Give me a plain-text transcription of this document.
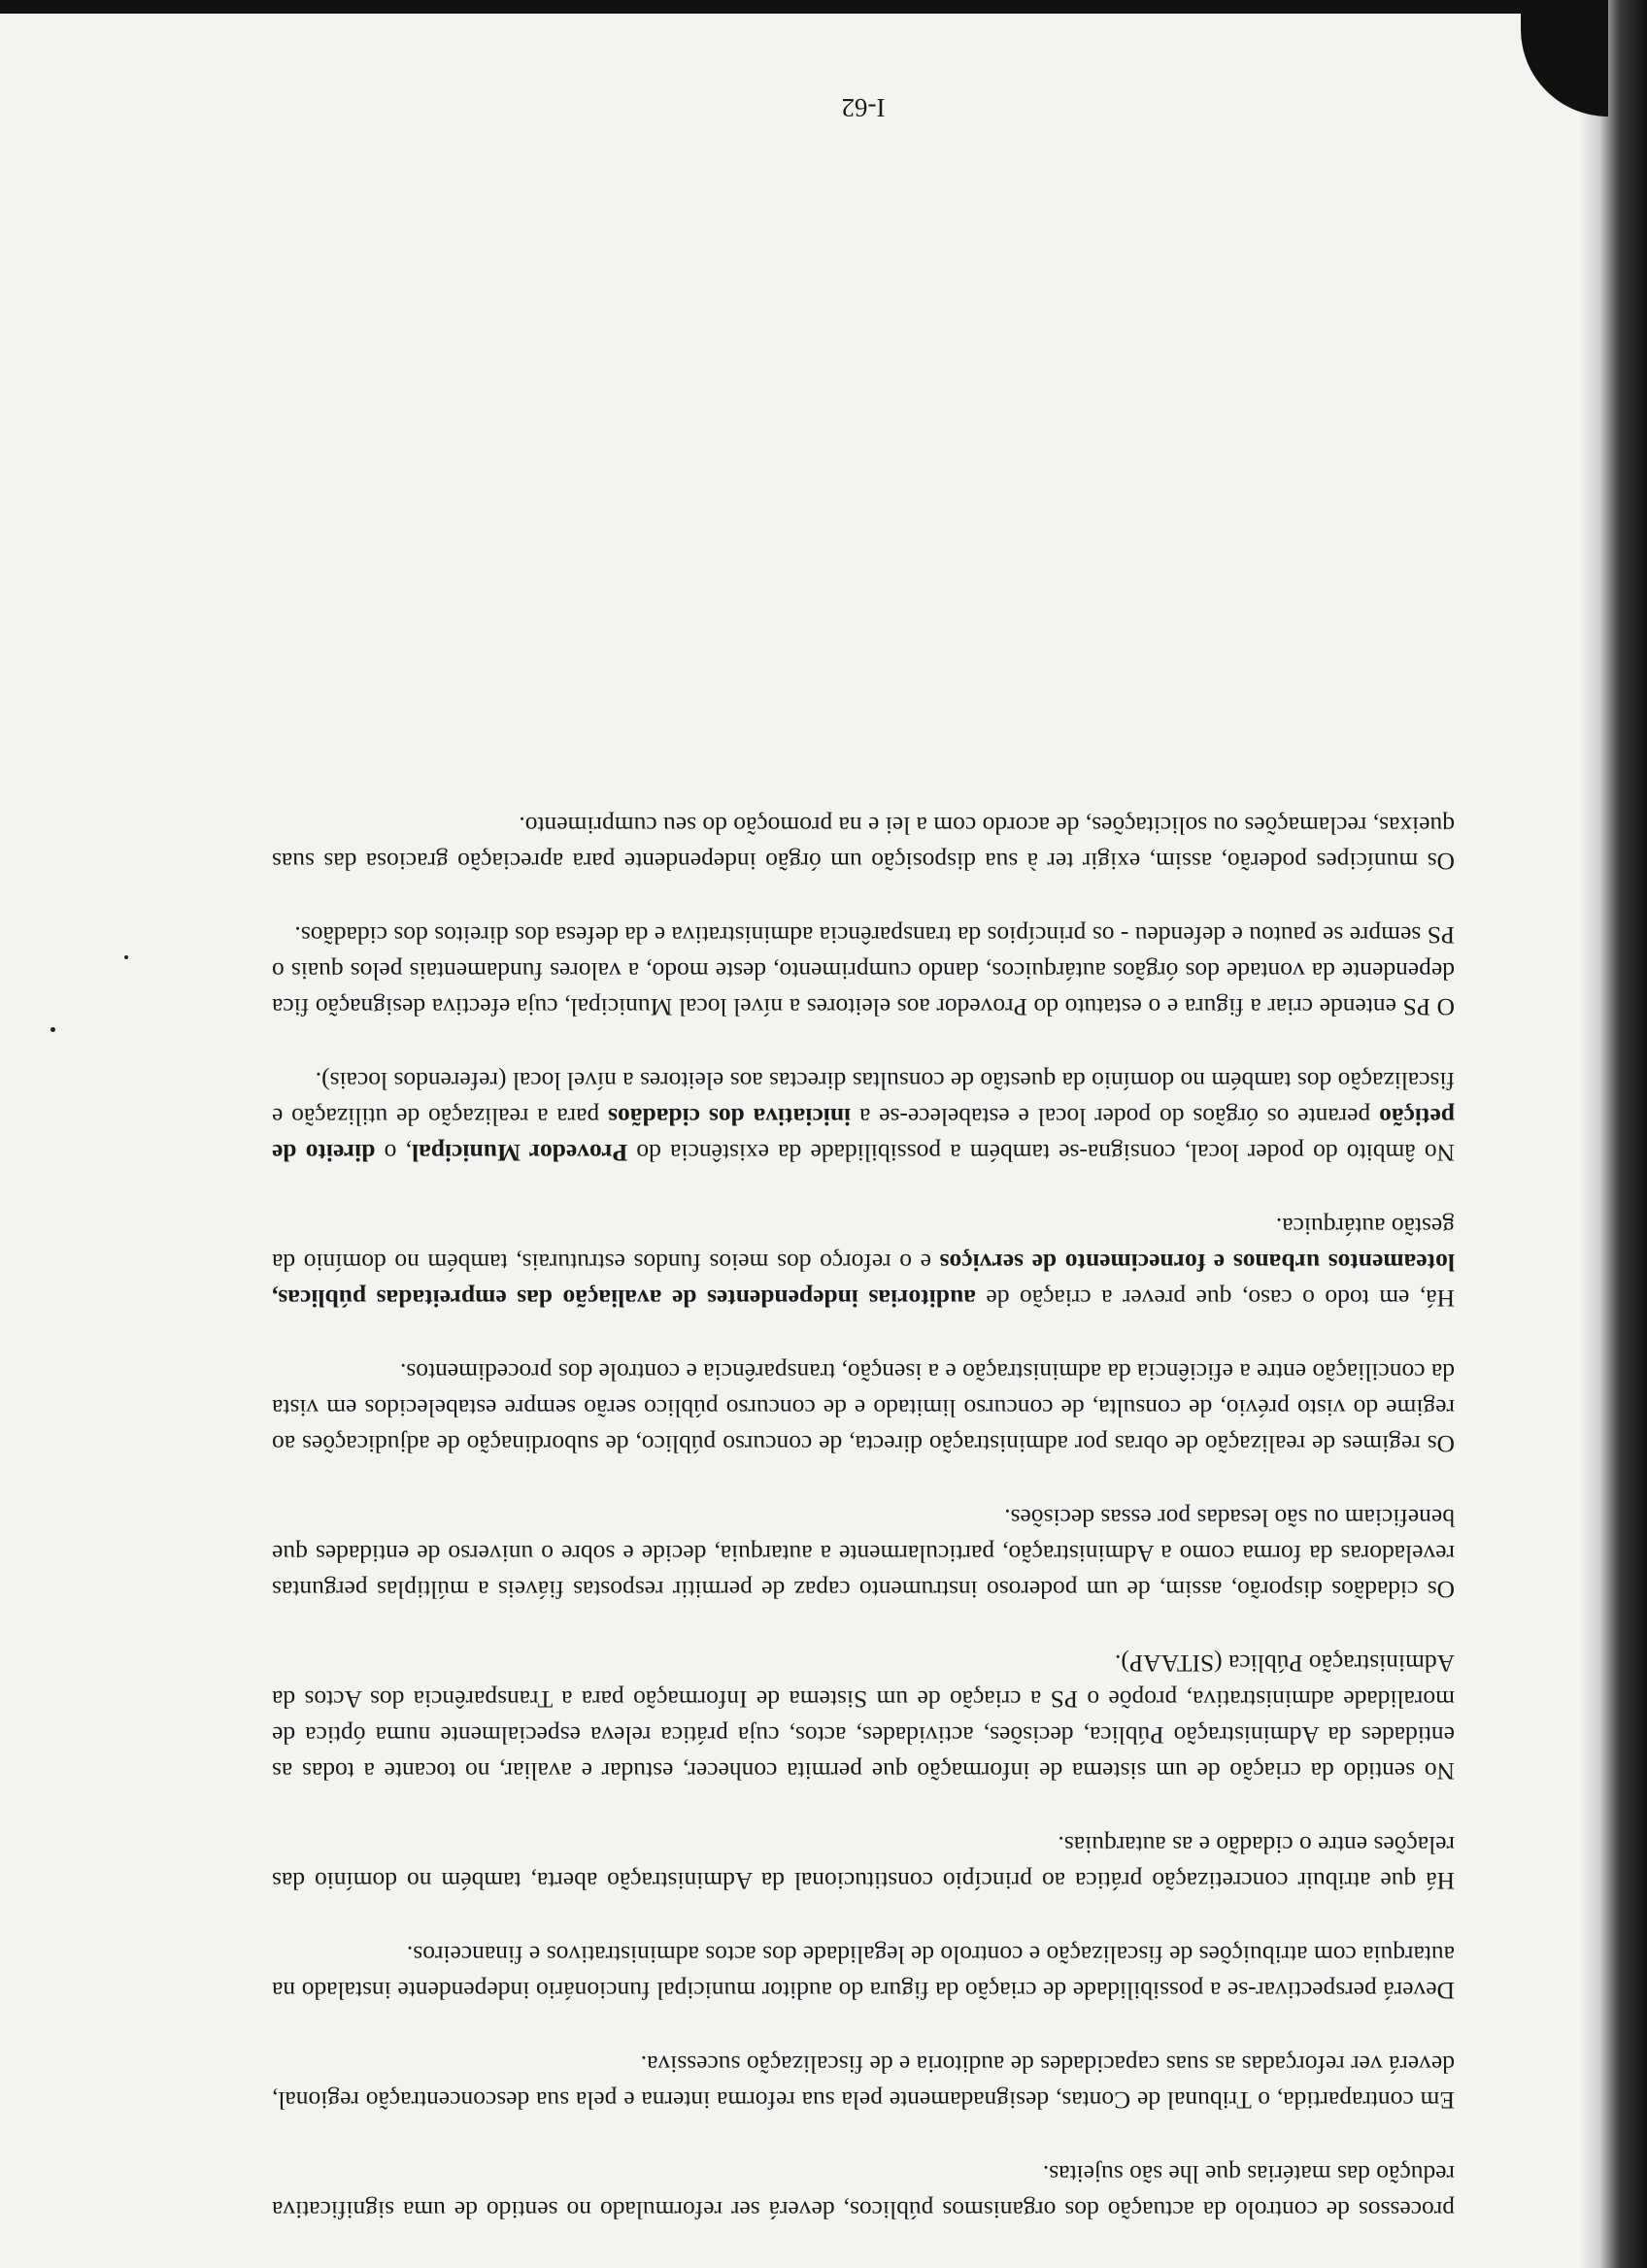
processos de controlo da actuação dos organismos públicos, deverá ser reformulado no sentido de uma significativa redução das matérias que lhe são sujeitas.

Em contrapartida, o Tribunal de Contas, designadamente pela sua reforma interna e pela sua desconcentração regional, deverá ver reforçadas as suas capacidades de auditoria e de fiscalização sucessiva.

Deverá perspectivar-se a possibilidade de criação da figura do auditor municipal funcionário independente instalado na autarquia com atribuições de fiscalização e controlo de legalidade dos actos administrativos e financeiros.

Há que atribuir concretização prática ao princípio constitucional da Administração aberta, também no domínio das relações entre o cidadão e as autarquias.

No sentido da criação de um sistema de informação que permita conhecer, estudar e avaliar, no tocante a todas as entidades da Administração Pública, decisões, actividades, actos, cuja prática releva especialmente numa óptica de moralidade administrativa, propõe o PS a criação de um Sistema de Informação para a Transparência dos Actos da Administração Pública (SITAAP).

Os cidadãos disporão, assim, de um poderoso instrumento capaz de permitir respostas fiáveis a múltiplas perguntas reveladoras da forma como a Administração, particularmente a autarquia, decide e sobre o universo de entidades que beneficiam ou são lesadas por essas decisões.

Os regimes de realização de obras por administração directa, de concurso público, de subordinação de adjudicações ao regime do visto prévio, de consulta, de concurso limitado e de concurso público serão sempre estabelecidos em vista da conciliação entre a eficiência da administração e a isenção, transparência e controle dos procedimentos.

Há, em todo o caso, que prever a criação de auditorias independentes de avaliação das empreitadas públicas, loteamentos urbanos e fornecimento de serviços e o reforço dos meios fundos estruturais, também no domínio da gestão autárquica.

No âmbito do poder local, consigna-se também a possibilidade da existência do Provedor Municipal, o direito de petição perante os órgãos do poder local e estabelece-se a iniciativa dos cidadãos para a realização de utilização e fiscalização dos também no domínio da questão de consultas directas aos eleitores a nível local (referendos locais).

O PS entende criar a figura e o estatuto do Provedor aos eleitores a nível local Municipal, cuja efectiva designação fica dependente da vontade dos órgãos autárquicos, dando cumprimento, deste modo, a valores fundamentais pelos quais o PS sempre se pautou e defendeu - os princípios da transparência administrativa e da defesa dos direitos dos cidadãos.

Os munícipes poderão, assim, exigir ter à sua disposição um órgão independente para apreciação graciosa das suas queixas, reclamações ou solicitações, de acordo com a lei e na promoção do seu cumprimento.

I-62
